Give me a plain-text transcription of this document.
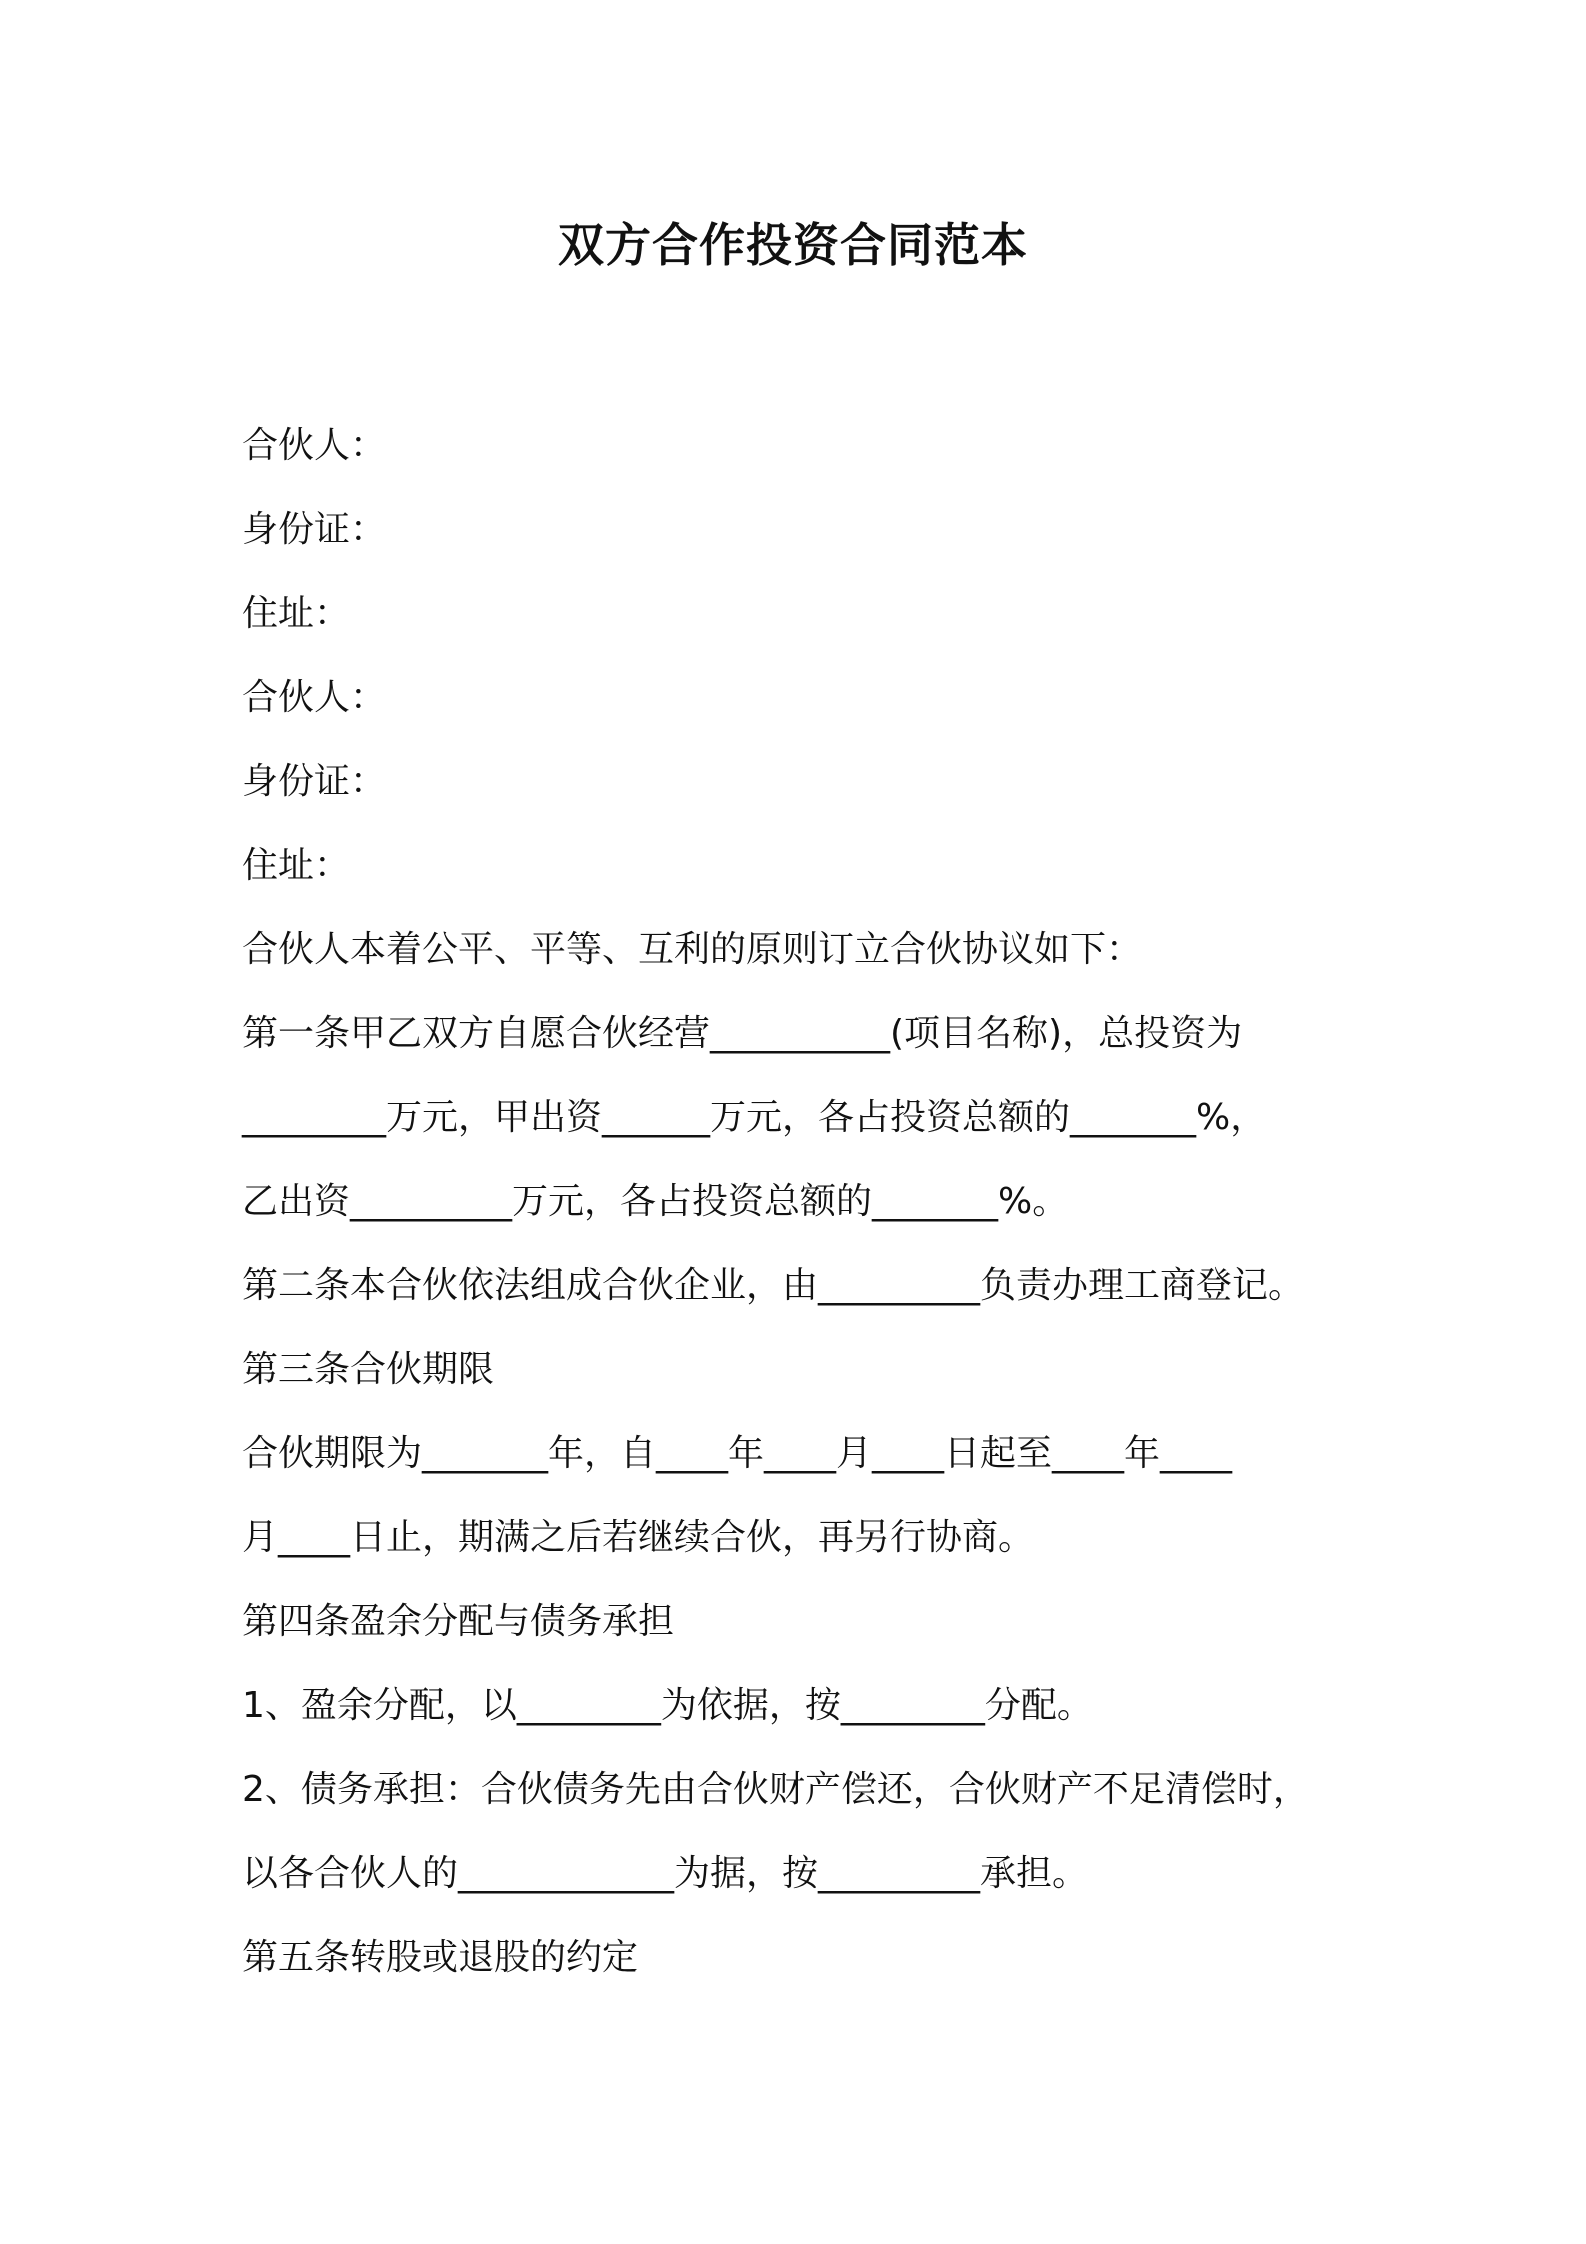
双方合作投资合同范本

合伙人：

身份证：

住址：

合伙人：

身份证：

住址：

合伙人本着公平、平等、互利的原则订立合伙协议如下：

第一条甲乙双方自愿合伙经营__________(项目名称)，总投资为

________万元，甲出资______万元，各占投资总额的_______%，

乙出资_________万元，各占投资总额的_______%。

第二条本合伙依法组成合伙企业，由_________负责办理工商登记。

第三条合伙期限

合伙期限为_______年，自____年____月____日起至____年____

月____日止，期满之后若继续合伙，再另行协商。

第四条盈余分配与债务承担

1、盈余分配，以________为依据，按________分配。

2、债务承担：合伙债务先由合伙财产偿还，合伙财产不足清偿时，

以各合伙人的____________为据，按_________承担。

第五条转股或退股的约定
